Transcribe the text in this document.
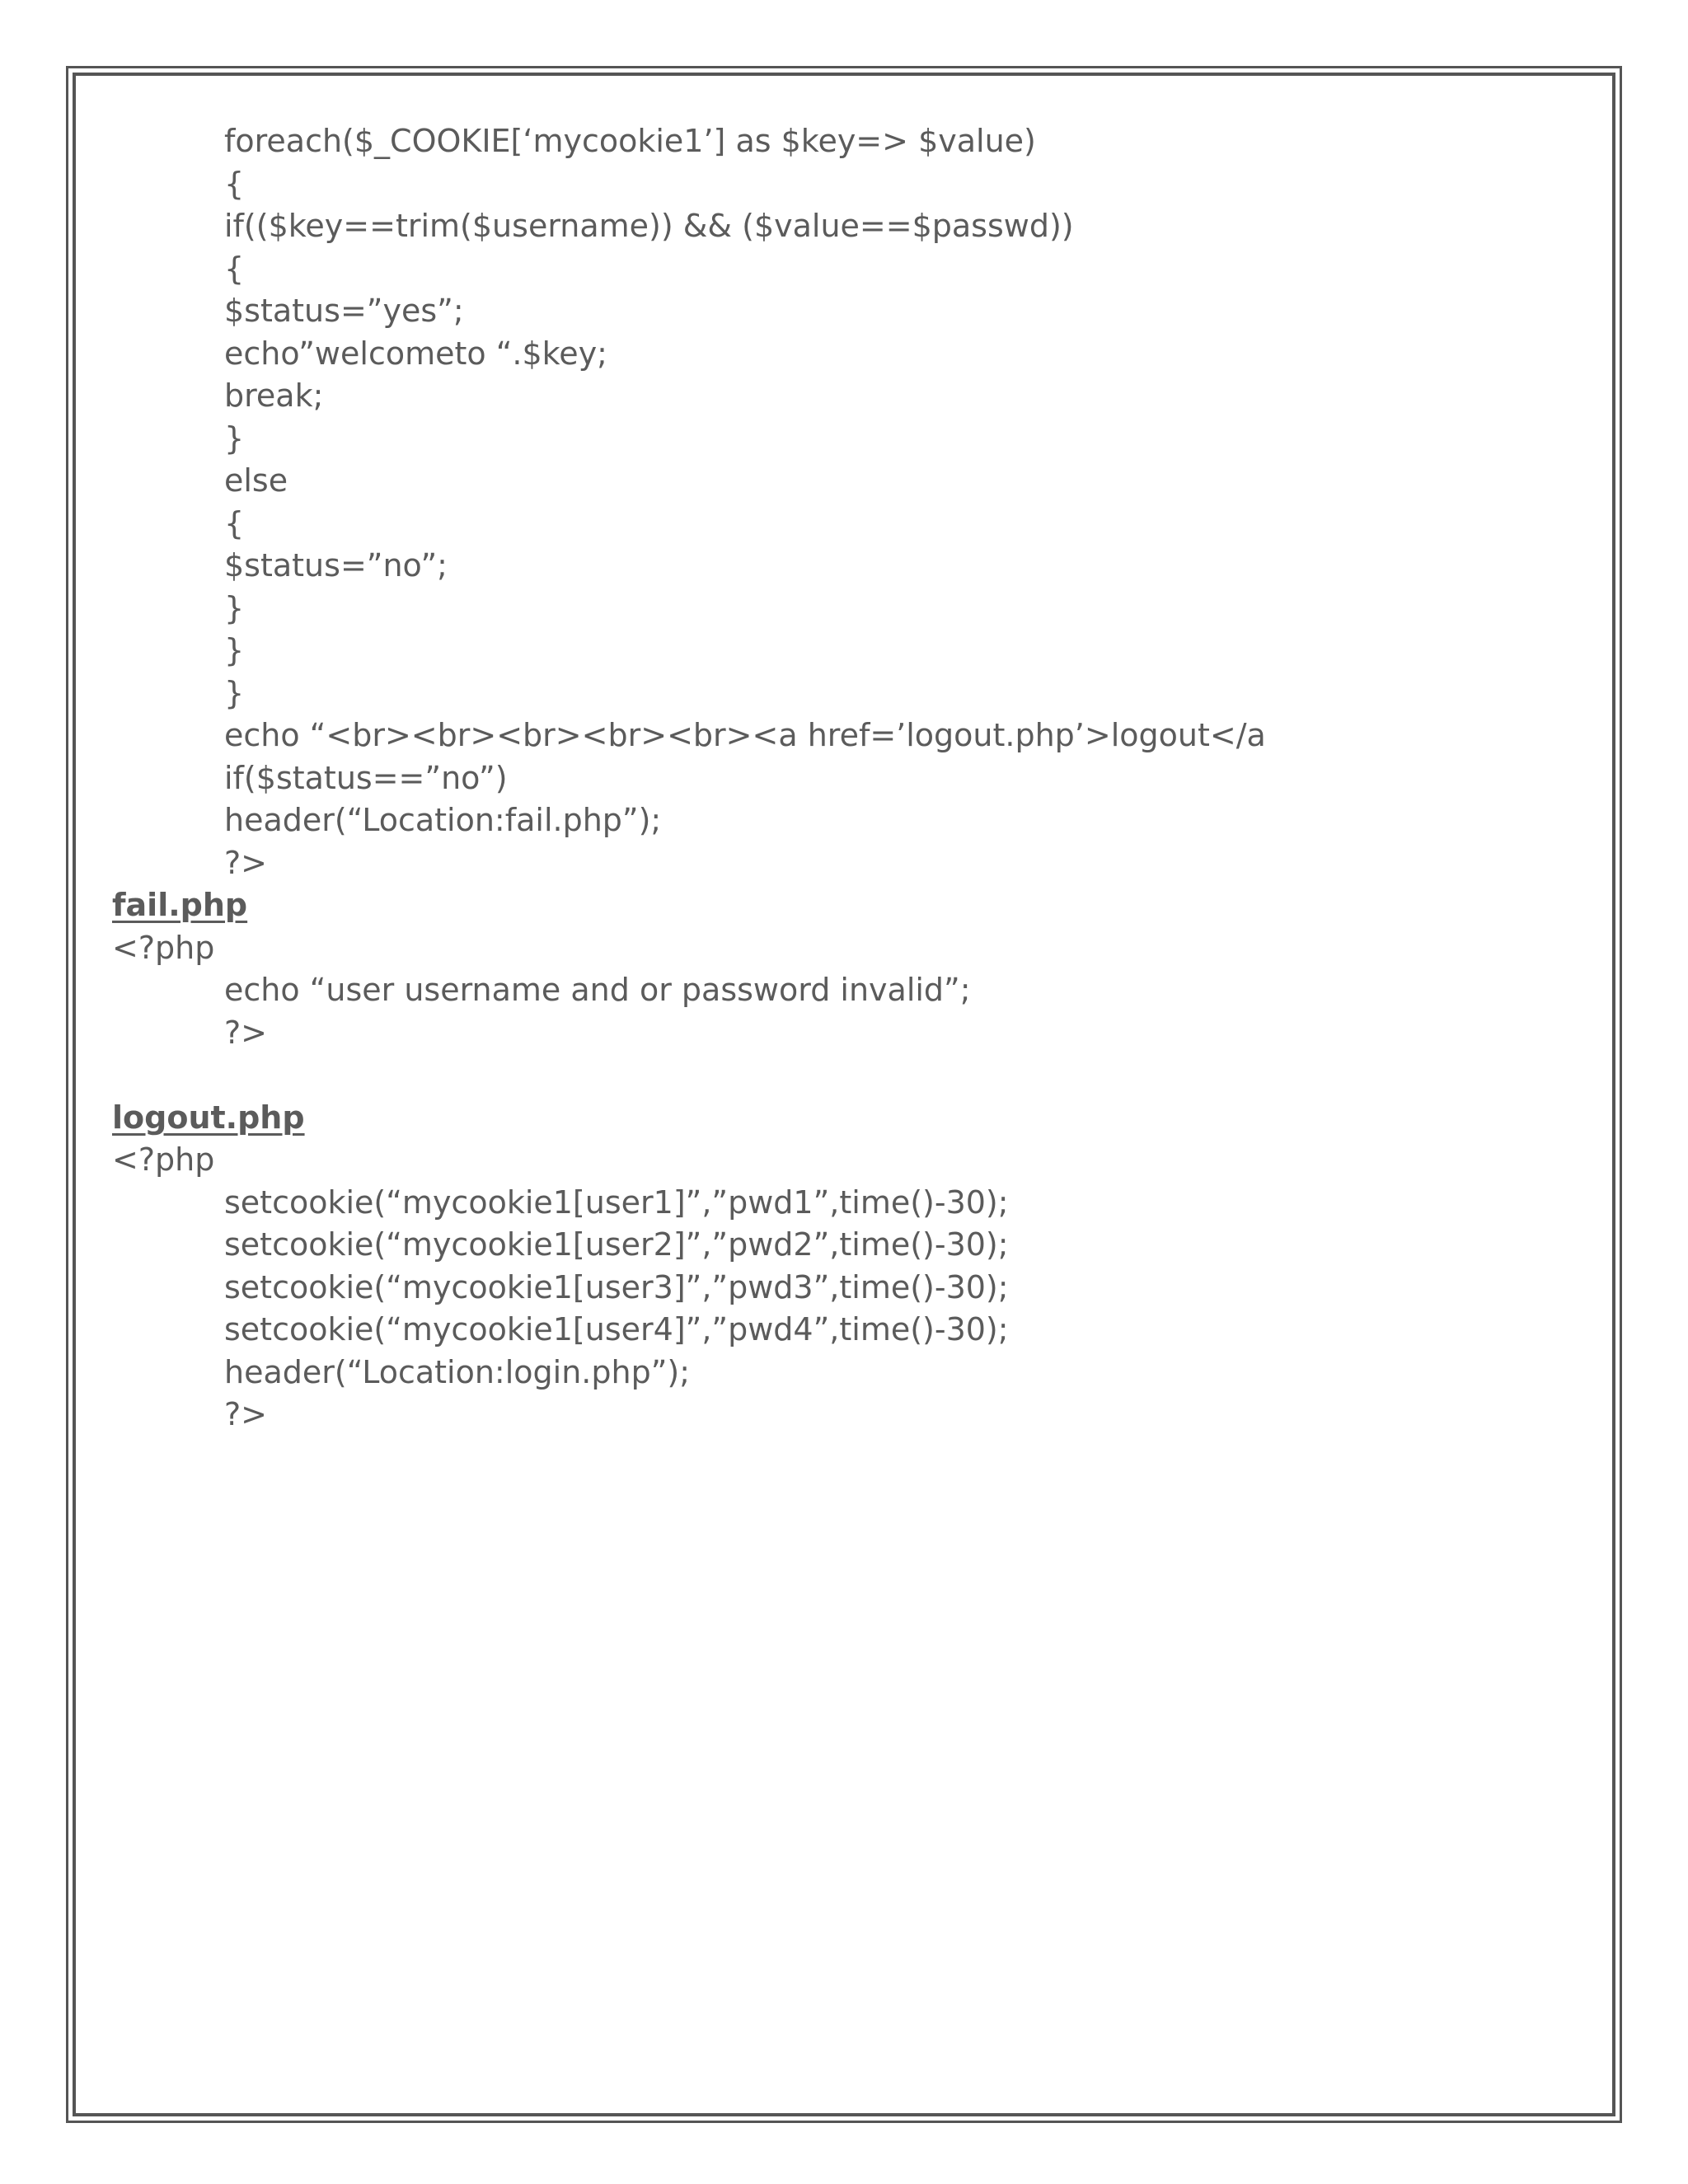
foreach($_COOKIE[‘mycookie1’] as $key=> $value)
{
if(($key==trim($username)) && ($value==$passwd))
{
$status=”yes”;
echo”welcometo “.$key;
break;
}
else
{
$status=”no”;
}
}
}
echo “<br><br><br><br><br><a href=’logout.php’>logout</a
if($status==”no”)
header(“Location:fail.php”);
?>
fail.php
<?php
echo “user username and or password invalid”;
?>
logout.php
<?php
setcookie(“mycookie1[user1]”,”pwd1”,time()-30);
setcookie(“mycookie1[user2]”,”pwd2”,time()-30);
setcookie(“mycookie1[user3]”,”pwd3”,time()-30);
setcookie(“mycookie1[user4]”,”pwd4”,time()-30);
header(“Location:login.php”);
?>
